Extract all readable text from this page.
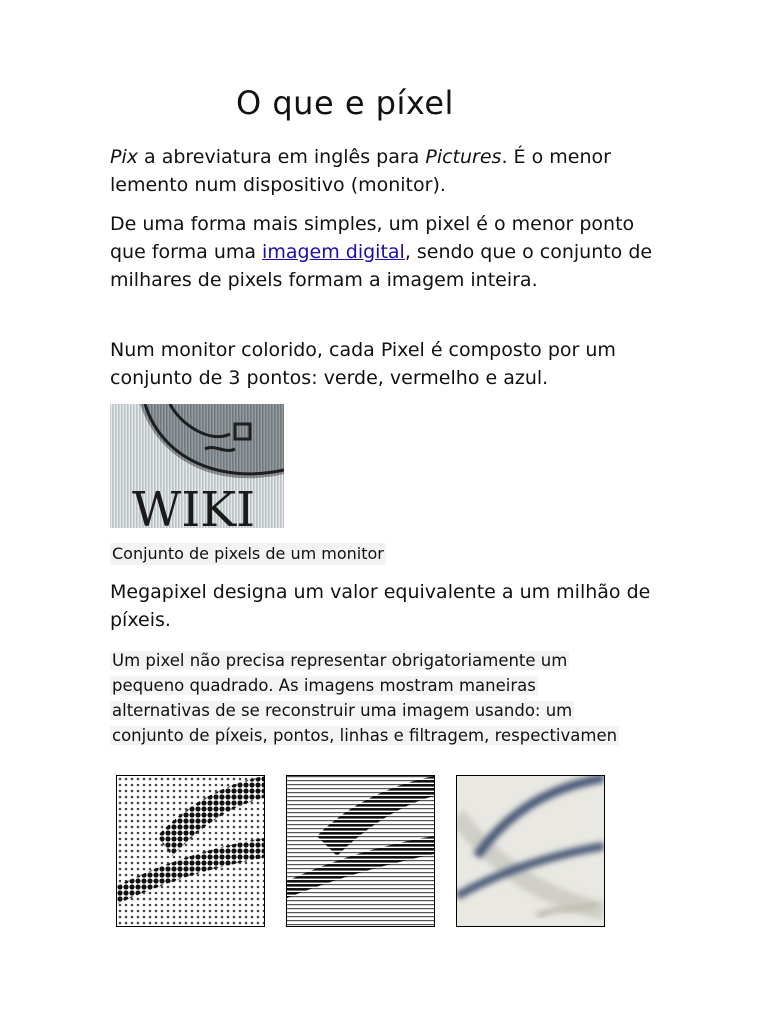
O que e píxel

Pix a abreviatura em inglês para Pictures. É o menor lemento num dispositivo (monitor).

De uma forma mais simples, um pixel é o menor ponto que forma uma imagem digital, sendo que o conjunto de milhares de pixels formam a imagem inteira.

Num monitor colorido, cada Pixel é composto por um conjunto de 3 pontos: verde, vermelho e azul.

WIKI
Conjunto de pixels de um monitor

Megapixel designa um valor equivalente a um milhão de píxeis.

Um pixel não precisa representar obrigatoriamente um
pequeno quadrado. As imagens mostram maneiras
alternativas de se reconstruir uma imagem usando: um
conjunto de píxeis, pontos, linhas e filtragem, respectivamen
